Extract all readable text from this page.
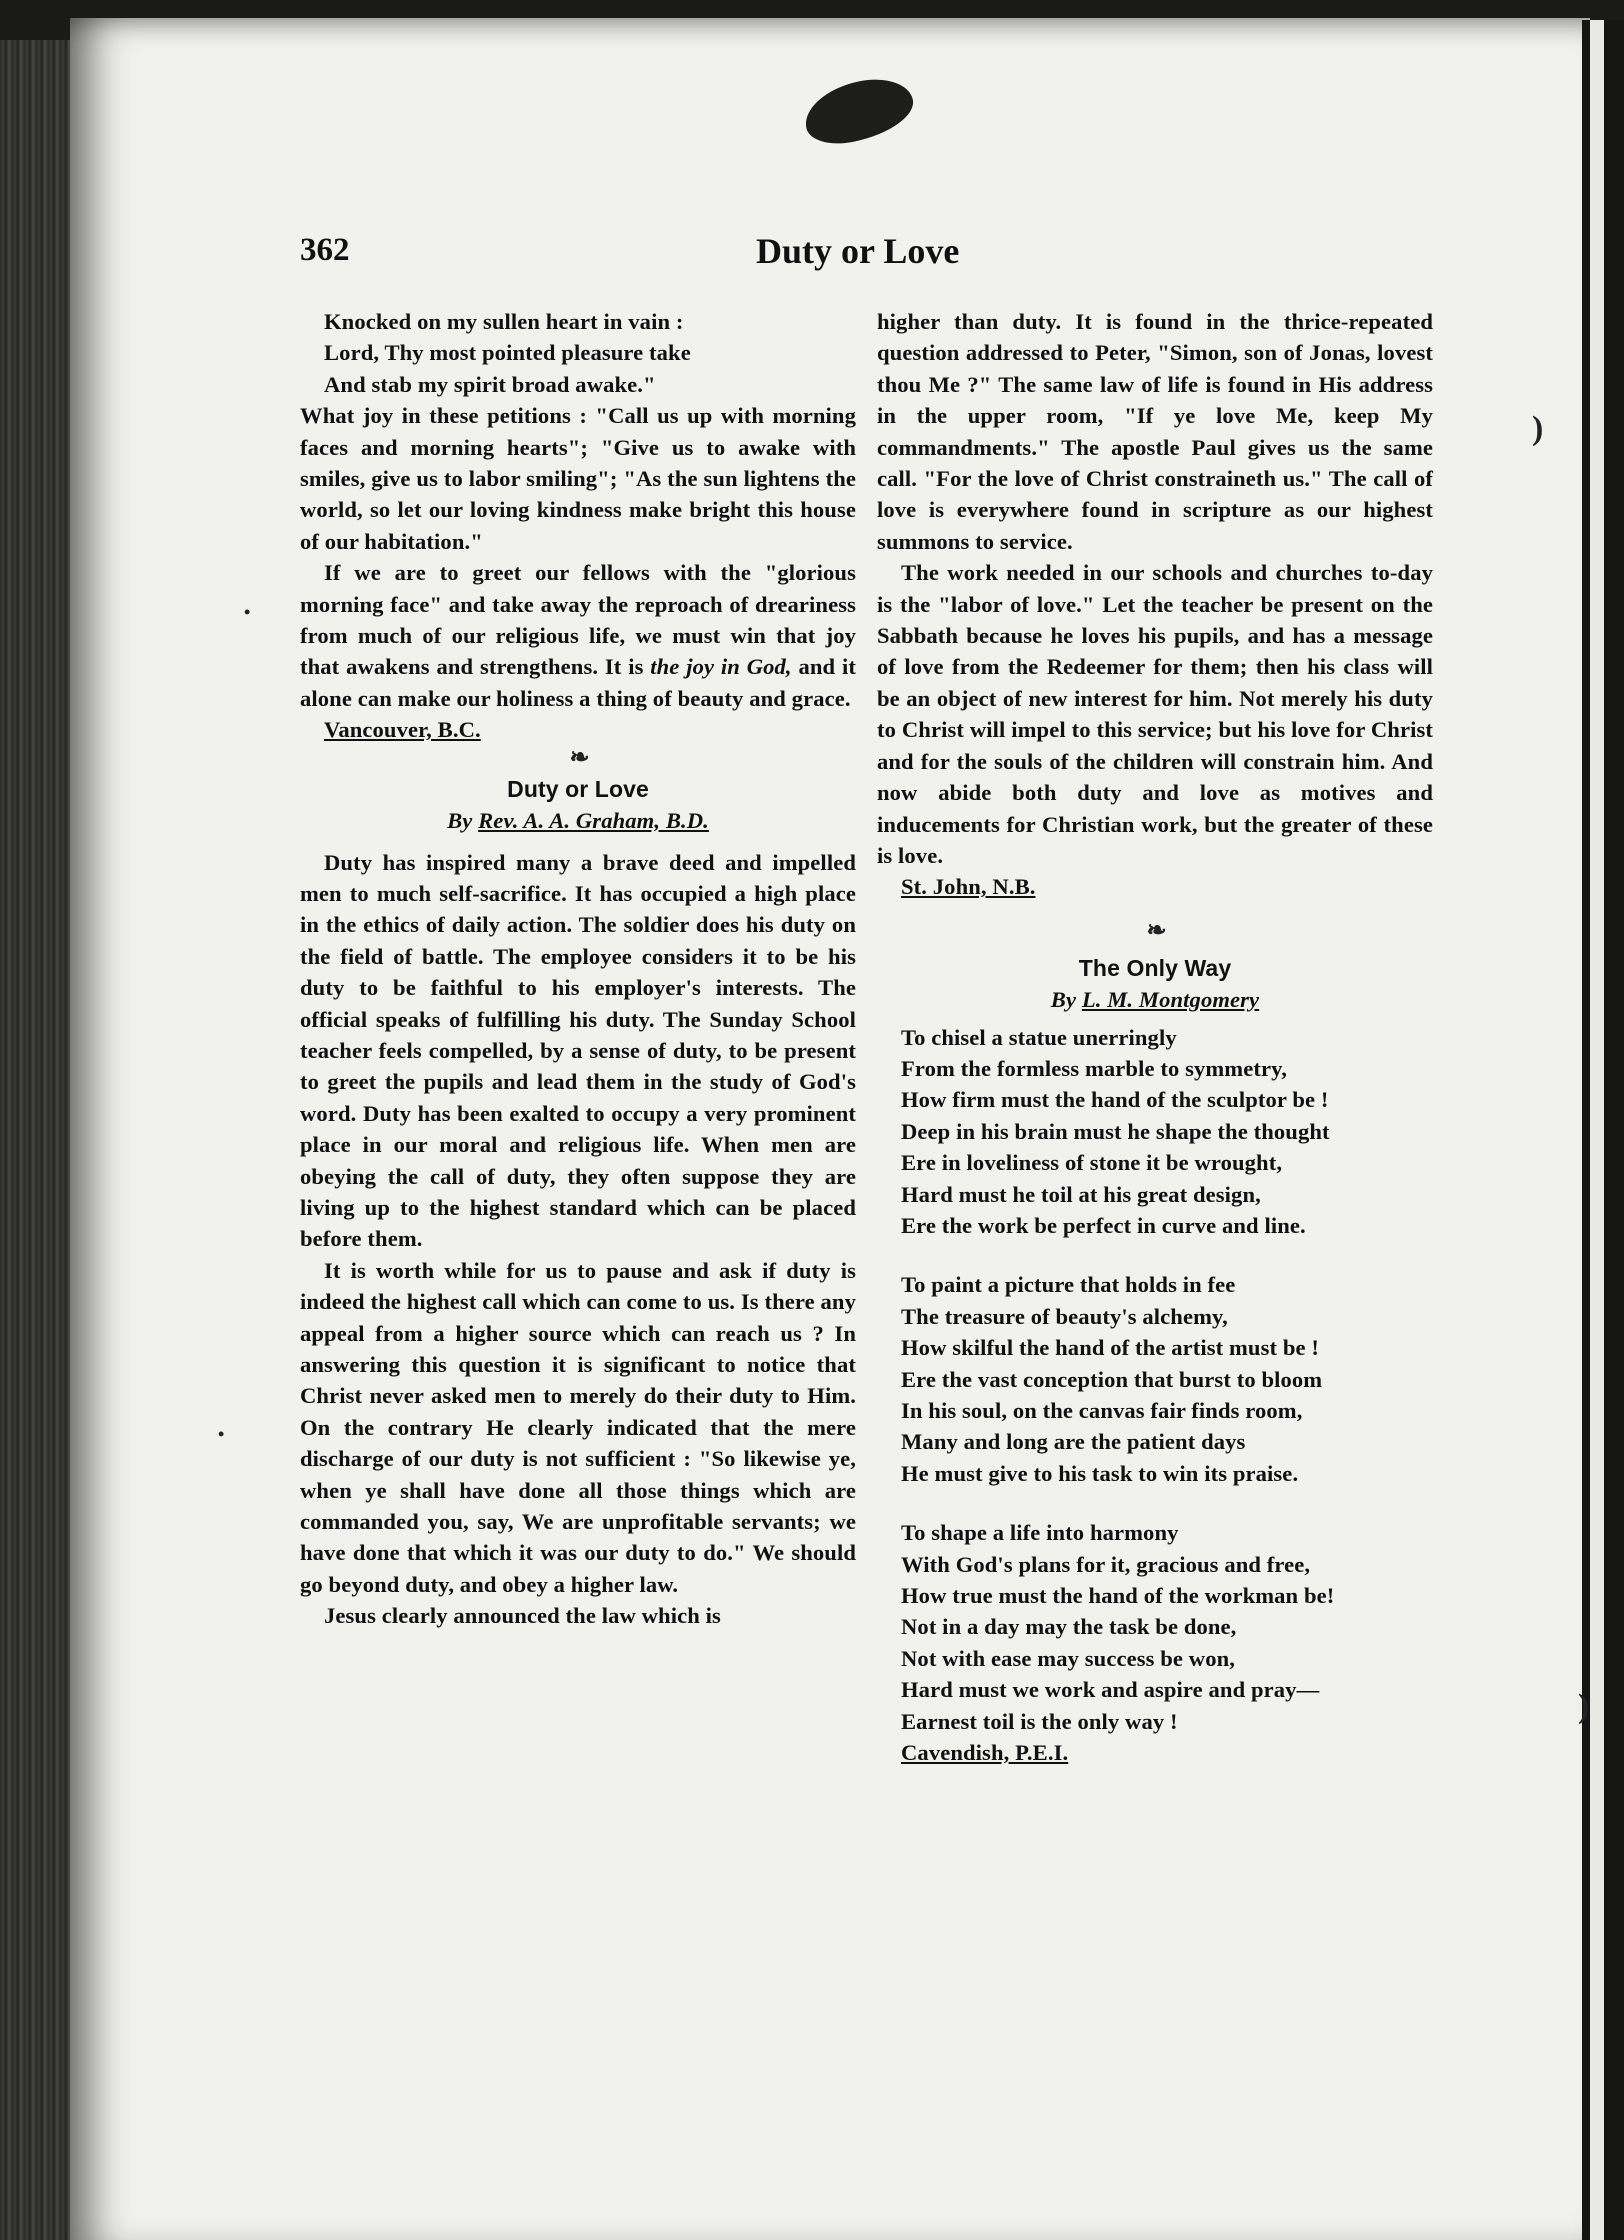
)
)
•
•
362	Duty or Love
Knocked on my sullen heart in vain :
Lord, Thy most pointed pleasure take
And stab my spirit broad awake."

What joy in these petitions : "Call us up with morning faces and morning hearts"; "Give us to awake with smiles, give us to labor smiling"; "As the sun lightens the world, so let our loving kindness make bright this house of our habitation."

If we are to greet our fellows with the "glorious morning face" and take away the reproach of dreariness from much of our religious life, we must win that joy that awakens and strengthens. It is the joy in God, and it alone can make our holiness a thing of beauty and grace.

Vancouver, B.C.
❧
Duty or Love
By Rev. A. A. Graham, B.D.

Duty has inspired many a brave deed and impelled men to much self-sacrifice. It has occupied a high place in the ethics of daily action. The soldier does his duty on the field of battle. The employee considers it to be his duty to be faithful to his employer's interests. The official speaks of fulfilling his duty. The Sunday School teacher feels compelled, by a sense of duty, to be present to greet the pupils and lead them in the study of God's word. Duty has been exalted to occupy a very prominent place in our moral and religious life. When men are obeying the call of duty, they often suppose they are living up to the highest standard which can be placed before them.

It is worth while for us to pause and ask if duty is indeed the highest call which can come to us. Is there any appeal from a higher source which can reach us ? In answering this question it is significant to notice that Christ never asked men to merely do their duty to Him. On the contrary He clearly indicated that the mere discharge of our duty is not sufficient : "So likewise ye, when ye shall have done all those things which are commanded you, say, We are unprofitable servants; we have done that which it was our duty to do." We should go beyond duty, and obey a higher law.

Jesus clearly announced the law which is

higher than duty. It is found in the thrice-repeated question addressed to Peter, "Simon, son of Jonas, lovest thou Me ?" The same law of life is found in His address in the upper room, "If ye love Me, keep My commandments." The apostle Paul gives us the same call. "For the love of Christ constraineth us." The call of love is everywhere found in scripture as our highest summons to service.

The work needed in our schools and churches to-day is the "labor of love." Let the teacher be present on the Sabbath because he loves his pupils, and has a message of love from the Redeemer for them; then his class will be an object of new interest for him. Not merely his duty to Christ will impel to this service; but his love for Christ and for the souls of the children will constrain him. And now abide both duty and love as motives and inducements for Christian work, but the greater of these is love.

St. John, N.B.
❧
The Only Way
By L. M. Montgomery
To chisel a statue unerringly
From the formless marble to symmetry,
How firm must the hand of the sculptor be !
Deep in his brain must he shape the thought
Ere in loveliness of stone it be wrought,
Hard must he toil at his great design,
Ere the work be perfect in curve and line.
To paint a picture that holds in fee
The treasure of beauty's alchemy,
How skilful the hand of the artist must be !
Ere the vast conception that burst to bloom
In his soul, on the canvas fair finds room,
Many and long are the patient days
He must give to his task to win its praise.
To shape a life into harmony
With God's plans for it, gracious and free,
How true must the hand of the workman be!
Not in a day may the task be done,
Not with ease may success be won,
Hard must we work and aspire and pray—
Earnest toil is the only way !
Cavendish, P.E.I.
